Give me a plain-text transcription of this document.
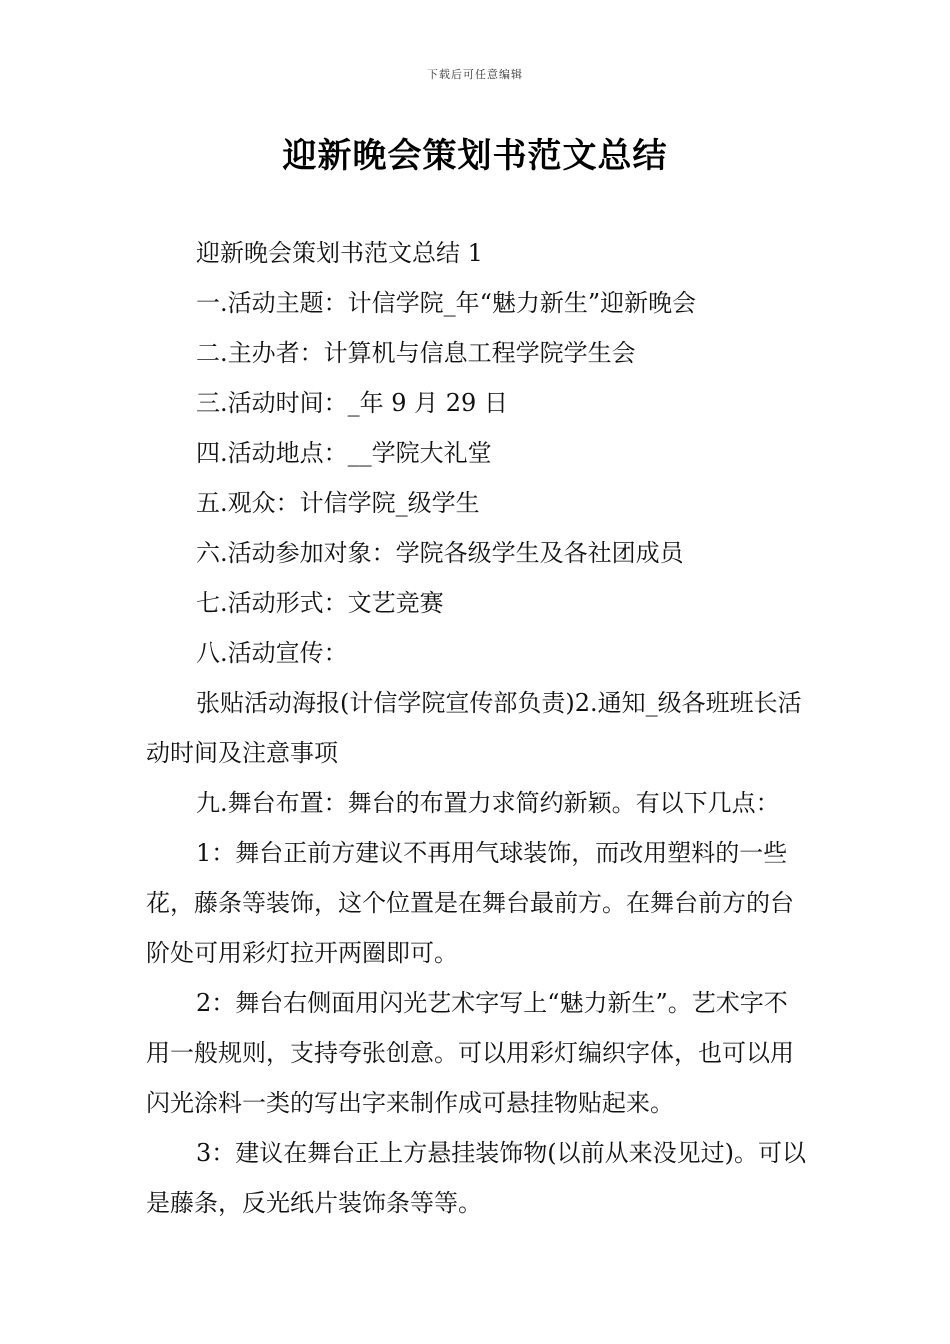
下载后可任意编辑
迎新晚会策划书范文总结

迎新晚会策划书范文总结 1

一.活动主题：计信学院_年“魅力新生”迎新晚会

二.主办者：计算机与信息工程学院学生会

三.活动时间：_年 9 月 29 日

四.活动地点：__学院大礼堂

五.观众：计信学院_级学生

六.活动参加对象：学院各级学生及各社团成员

七.活动形式：文艺竞赛

八.活动宣传：

张贴活动海报(计信学院宣传部负责)2.通知_级各班班长活动时间及注意事项

九.舞台布置：舞台的布置力求简约新颖。有以下几点：

1：舞台正前方建议不再用气球装饰，而改用塑料的一些花，藤条等装饰，这个位置是在舞台最前方。在舞台前方的台阶处可用彩灯拉开两圈即可。

2：舞台右侧面用闪光艺术字写上“魅力新生”。艺术字不用一般规则，支持夸张创意。可以用彩灯编织字体，也可以用闪光涂料一类的写出字来制作成可悬挂物贴起来。

3：建议在舞台正上方悬挂装饰物(以前从来没见过)。可以是藤条，反光纸片装饰条等等。
